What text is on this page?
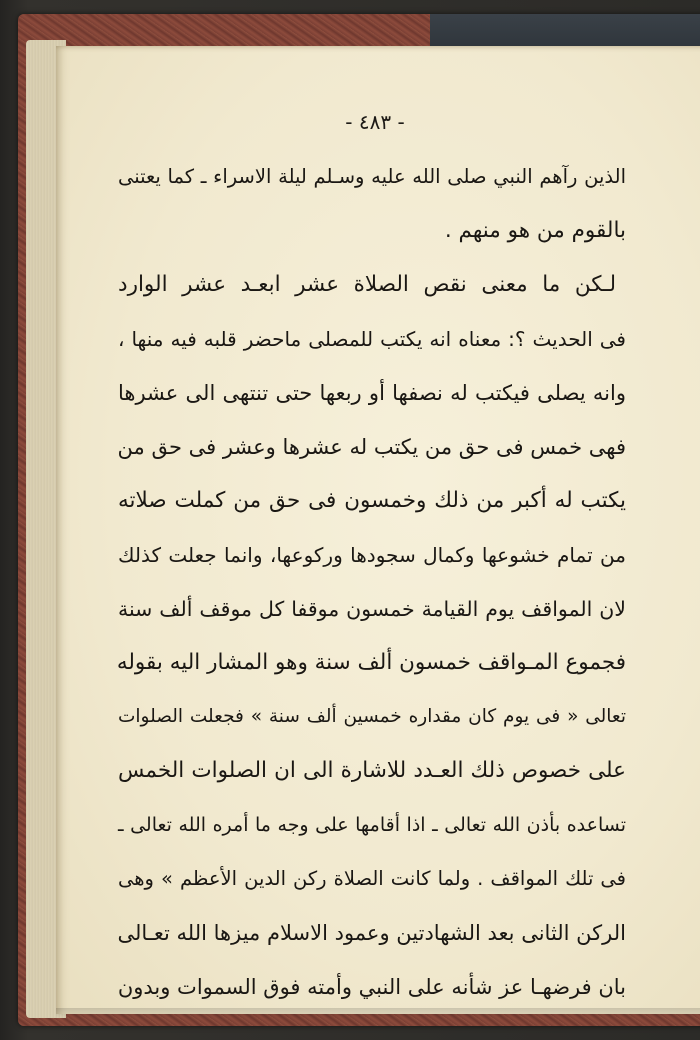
- ٤٨٣ -
الذين رآهم النبي صلى الله عليه وسـلم ليلة الاسراء ـ كما يعتنى
بالقوم من هو منهم .
لـكن ما معنى نقص الصلاة عشر ابعـد عشر الوارد
فى الحديث ؟: معناه انه يكتب للمصلى ماحضر قلبه فيه منها ،
وانه يصلى فيكتب له نصفها أو ربعها حتى تنتهى الى عشرها
فهى خمس فى حق من يكتب له عشرها وعشر فى حق من
يكتب له أكبر من ذلك وخمسون فى حق من كملت صلاته
من تمام خشوعها وكمال سجودها وركوعها، وانما جعلت كذلك
لان المواقف يوم القيامة خمسون موقفا كل موقف ألف سنة
فجموع المـواقف خمسون ألف سنة وهو المشار اليه بقوله
تعالى « فى يوم كان مقداره خمسين ألف سنة » فجعلت الصلوات
على خصوص ذلك العـدد للاشارة الى ان الصلوات الخمس
تساعده بأذن الله تعالى ـ اذا أقامها على وجه ما أمره الله تعالى ـ
فى تلك المواقف . ولما كانت الصلاة ركن الدين الأعظم » وهى
الركن الثانى بعد الشهادتين وعمود الاسلام ميزها الله تعـالى
بان فرضهـا عز شأنه على النبي وأمته فوق السموات وبدون
